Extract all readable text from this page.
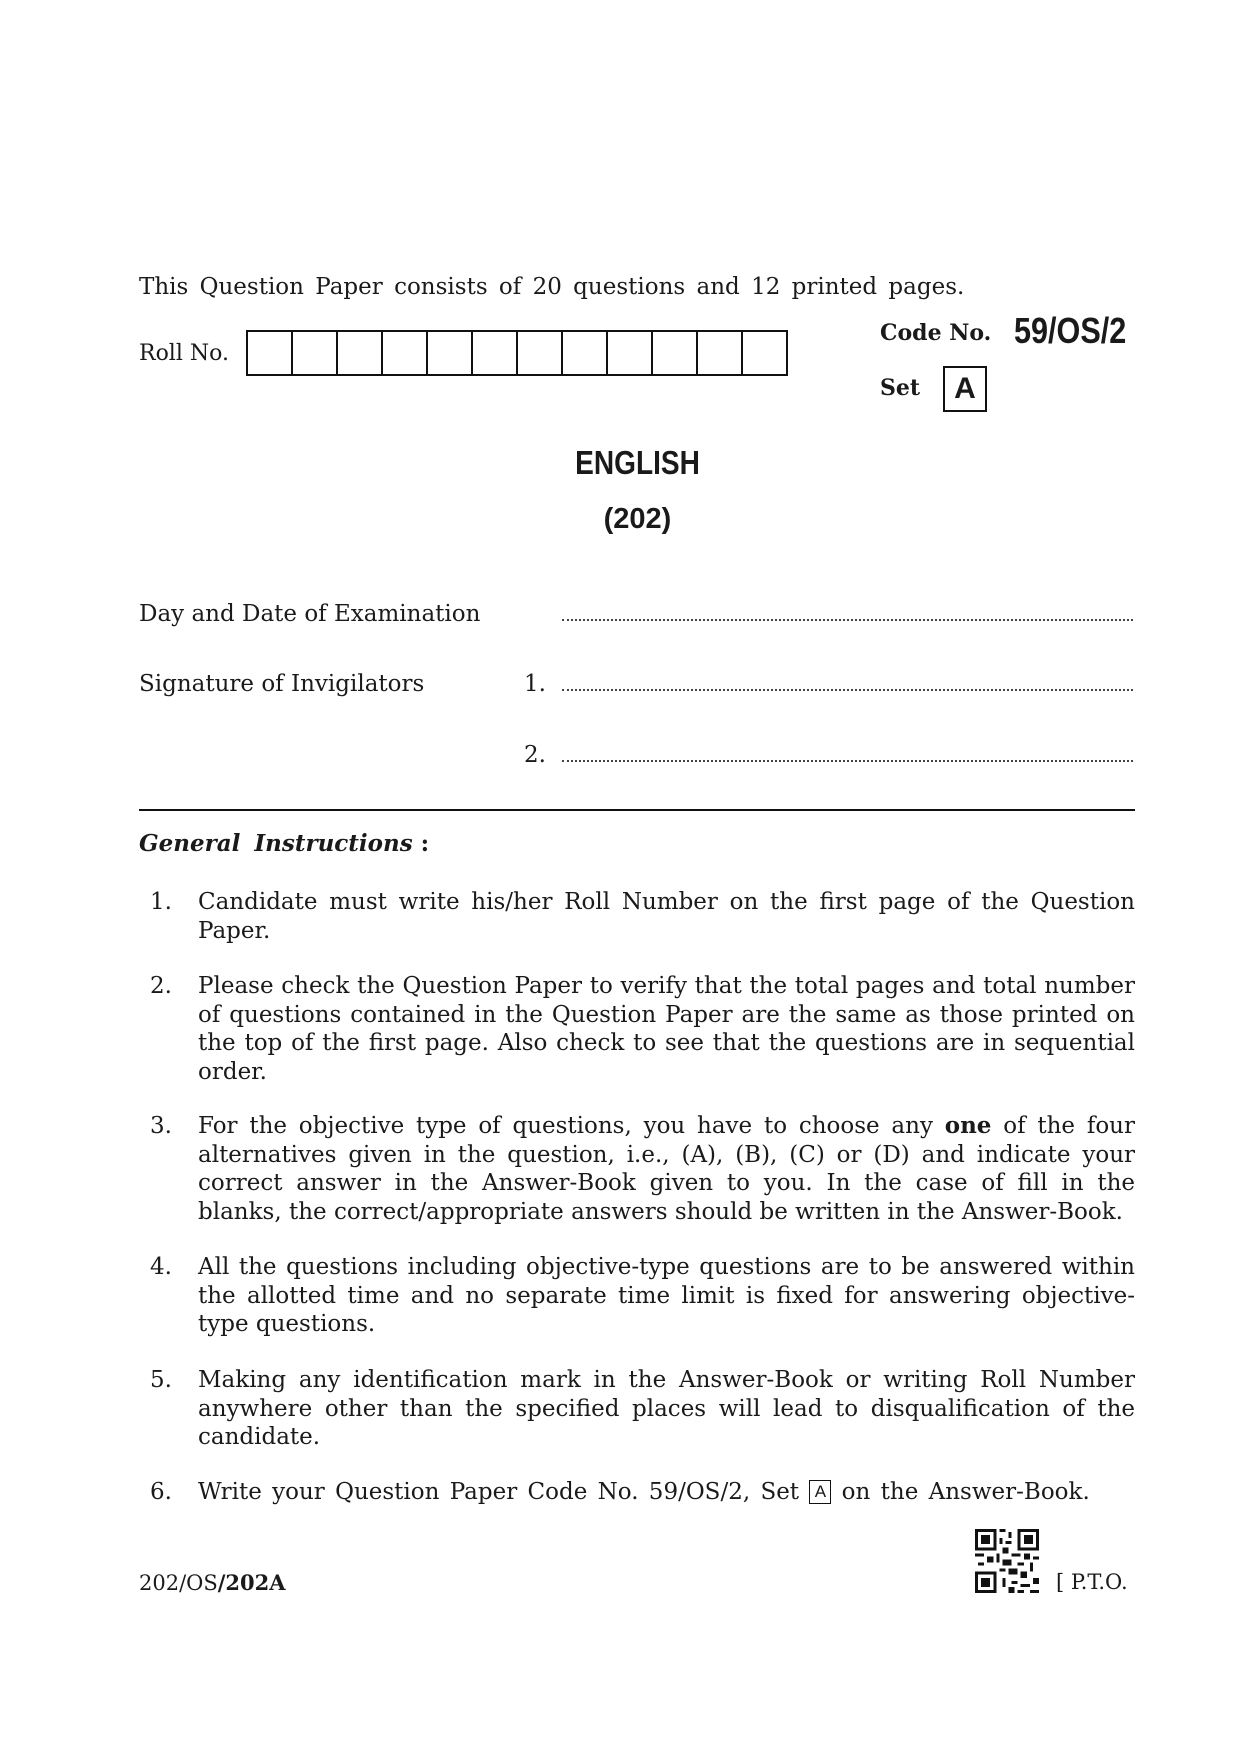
This Question Paper consists of 20 questions and 12 printed pages.
Roll No.
Code No. 59/OS/2
Set	A
ENGLISH
(202)
Day and Date of Examination
Signature of Invigilators	1.
2.
General Instructions :
1.	Candidate must write his/her Roll Number on the first page of the Question Paper.
2.	Please check the Question Paper to verify that the total pages and total number of questions contained in the Question Paper are the same as those printed on the top of the first page. Also check to see that the questions are in sequential order.
3.	For the objective type of questions, you have to choose any one of the four alternatives given in the question, i.e., (A), (B), (C) or (D) and indicate your correct answer in the Answer-Book given to you. In the case of fill in the blanks, the correct/appropriate answers should be written in the Answer-Book.
4.	All the questions including objective-type questions are to be answered within the allotted time and no separate time limit is fixed for answering objective-type questions.
5.	Making any identification mark in the Answer-Book or writing Roll Number anywhere other than the specified places will lead to disqualification of the candidate.
6.	Write your Question Paper Code No. 59/OS/2, Set A on the Answer-Book.
202/OS/202A	[ P.T.O.
